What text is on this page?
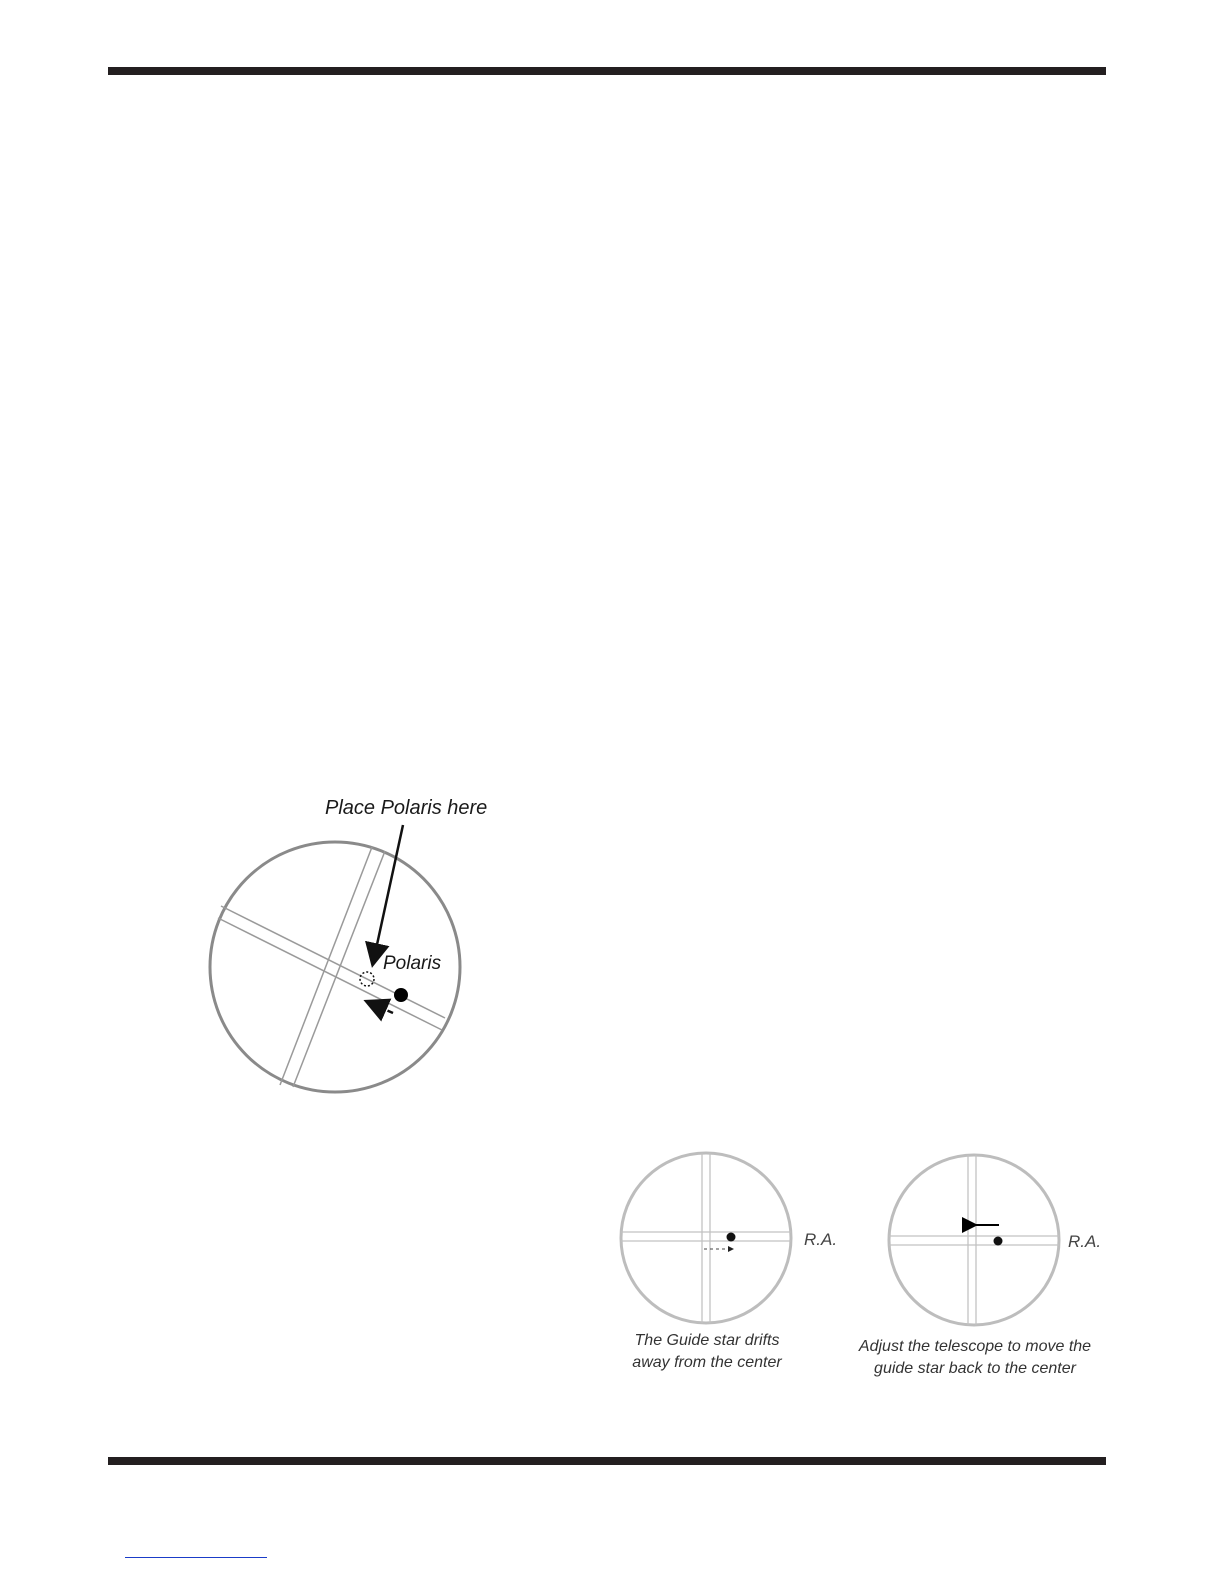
Place Polaris here
Polaris
R.A.
The Guide star drifts
away from the center
R.A.
Adjust the telescope to move the
guide star back to the center
